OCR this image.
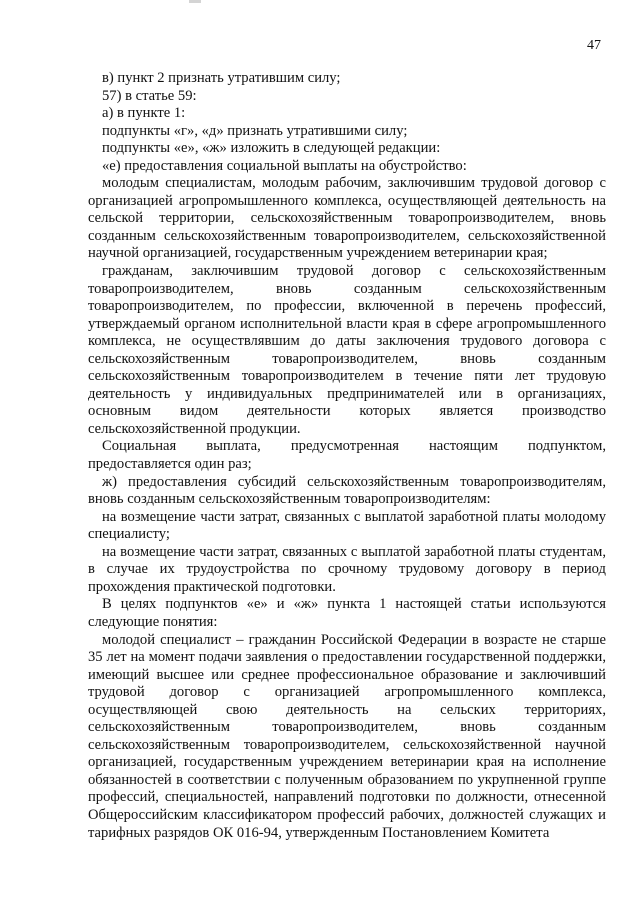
47

в) пункт 2 признать утратившим силу;

57) в статье 59:

а) в пункте 1:

подпункты «г», «д» признать утратившими силу;

подпункты «е», «ж» изложить в следующей редакции:

«е) предоставления социальной выплаты на обустройство:

молодым специалистам, молодым рабочим, заключившим трудовой договор с организацией агропромышленного комплекса, осуществляющей деятельность на сельской территории, сельскохозяйственным товаропроизводителем, вновь созданным сельскохозяйственным товаропроизводителем, сельскохозяйственной научной организацией, государственным учреждением ветеринарии края;

гражданам, заключившим трудовой договор с сельскохозяйственным товаропроизводителем, вновь созданным сельскохозяйственным товаропроизводителем, по профессии, включенной в перечень профессий, утверждаемый органом исполнительной власти края в сфере агропромышленного комплекса, не осуществлявшим до даты заключения трудового договора с сельскохозяйственным товаропроизводителем, вновь созданным сельскохозяйственным товаропроизводителем в течение пяти лет трудовую деятельность у индивидуальных предпринимателей или в организациях, основным видом деятельности которых является производство сельскохозяйственной продукции.

Социальная выплата, предусмотренная настоящим подпунктом, предоставляется один раз;

ж) предоставления субсидий сельскохозяйственным товаропроизводителям, вновь созданным сельскохозяйственным товаропроизводителям:

на возмещение части затрат, связанных с выплатой заработной платы молодому специалисту;

на возмещение части затрат, связанных с выплатой заработной платы студентам, в случае их трудоустройства по срочному трудовому договору в период прохождения практической подготовки.

В целях подпунктов «е» и «ж» пункта 1 настоящей статьи используются следующие понятия:

молодой специалист – гражданин Российской Федерации в возрасте не старше 35 лет на момент подачи заявления о предоставлении государственной поддержки, имеющий высшее или среднее профессиональное образование и заключивший трудовой договор с организацией агропромышленного комплекса, осуществляющей свою деятельность на сельских территориях, сельскохозяйственным товаропроизводителем, вновь созданным сельскохозяйственным товаропроизводителем, сельскохозяйственной научной организацией, государственным учреждением ветеринарии края на исполнение обязанностей в соответствии с полученным образованием по укрупненной группе профессий, специальностей, направлений подготовки по должности, отнесенной Общероссийским классификатором профессий рабочих, должностей служащих и тарифных разрядов ОК 016-94, утвержденным Постановлением Комитета
